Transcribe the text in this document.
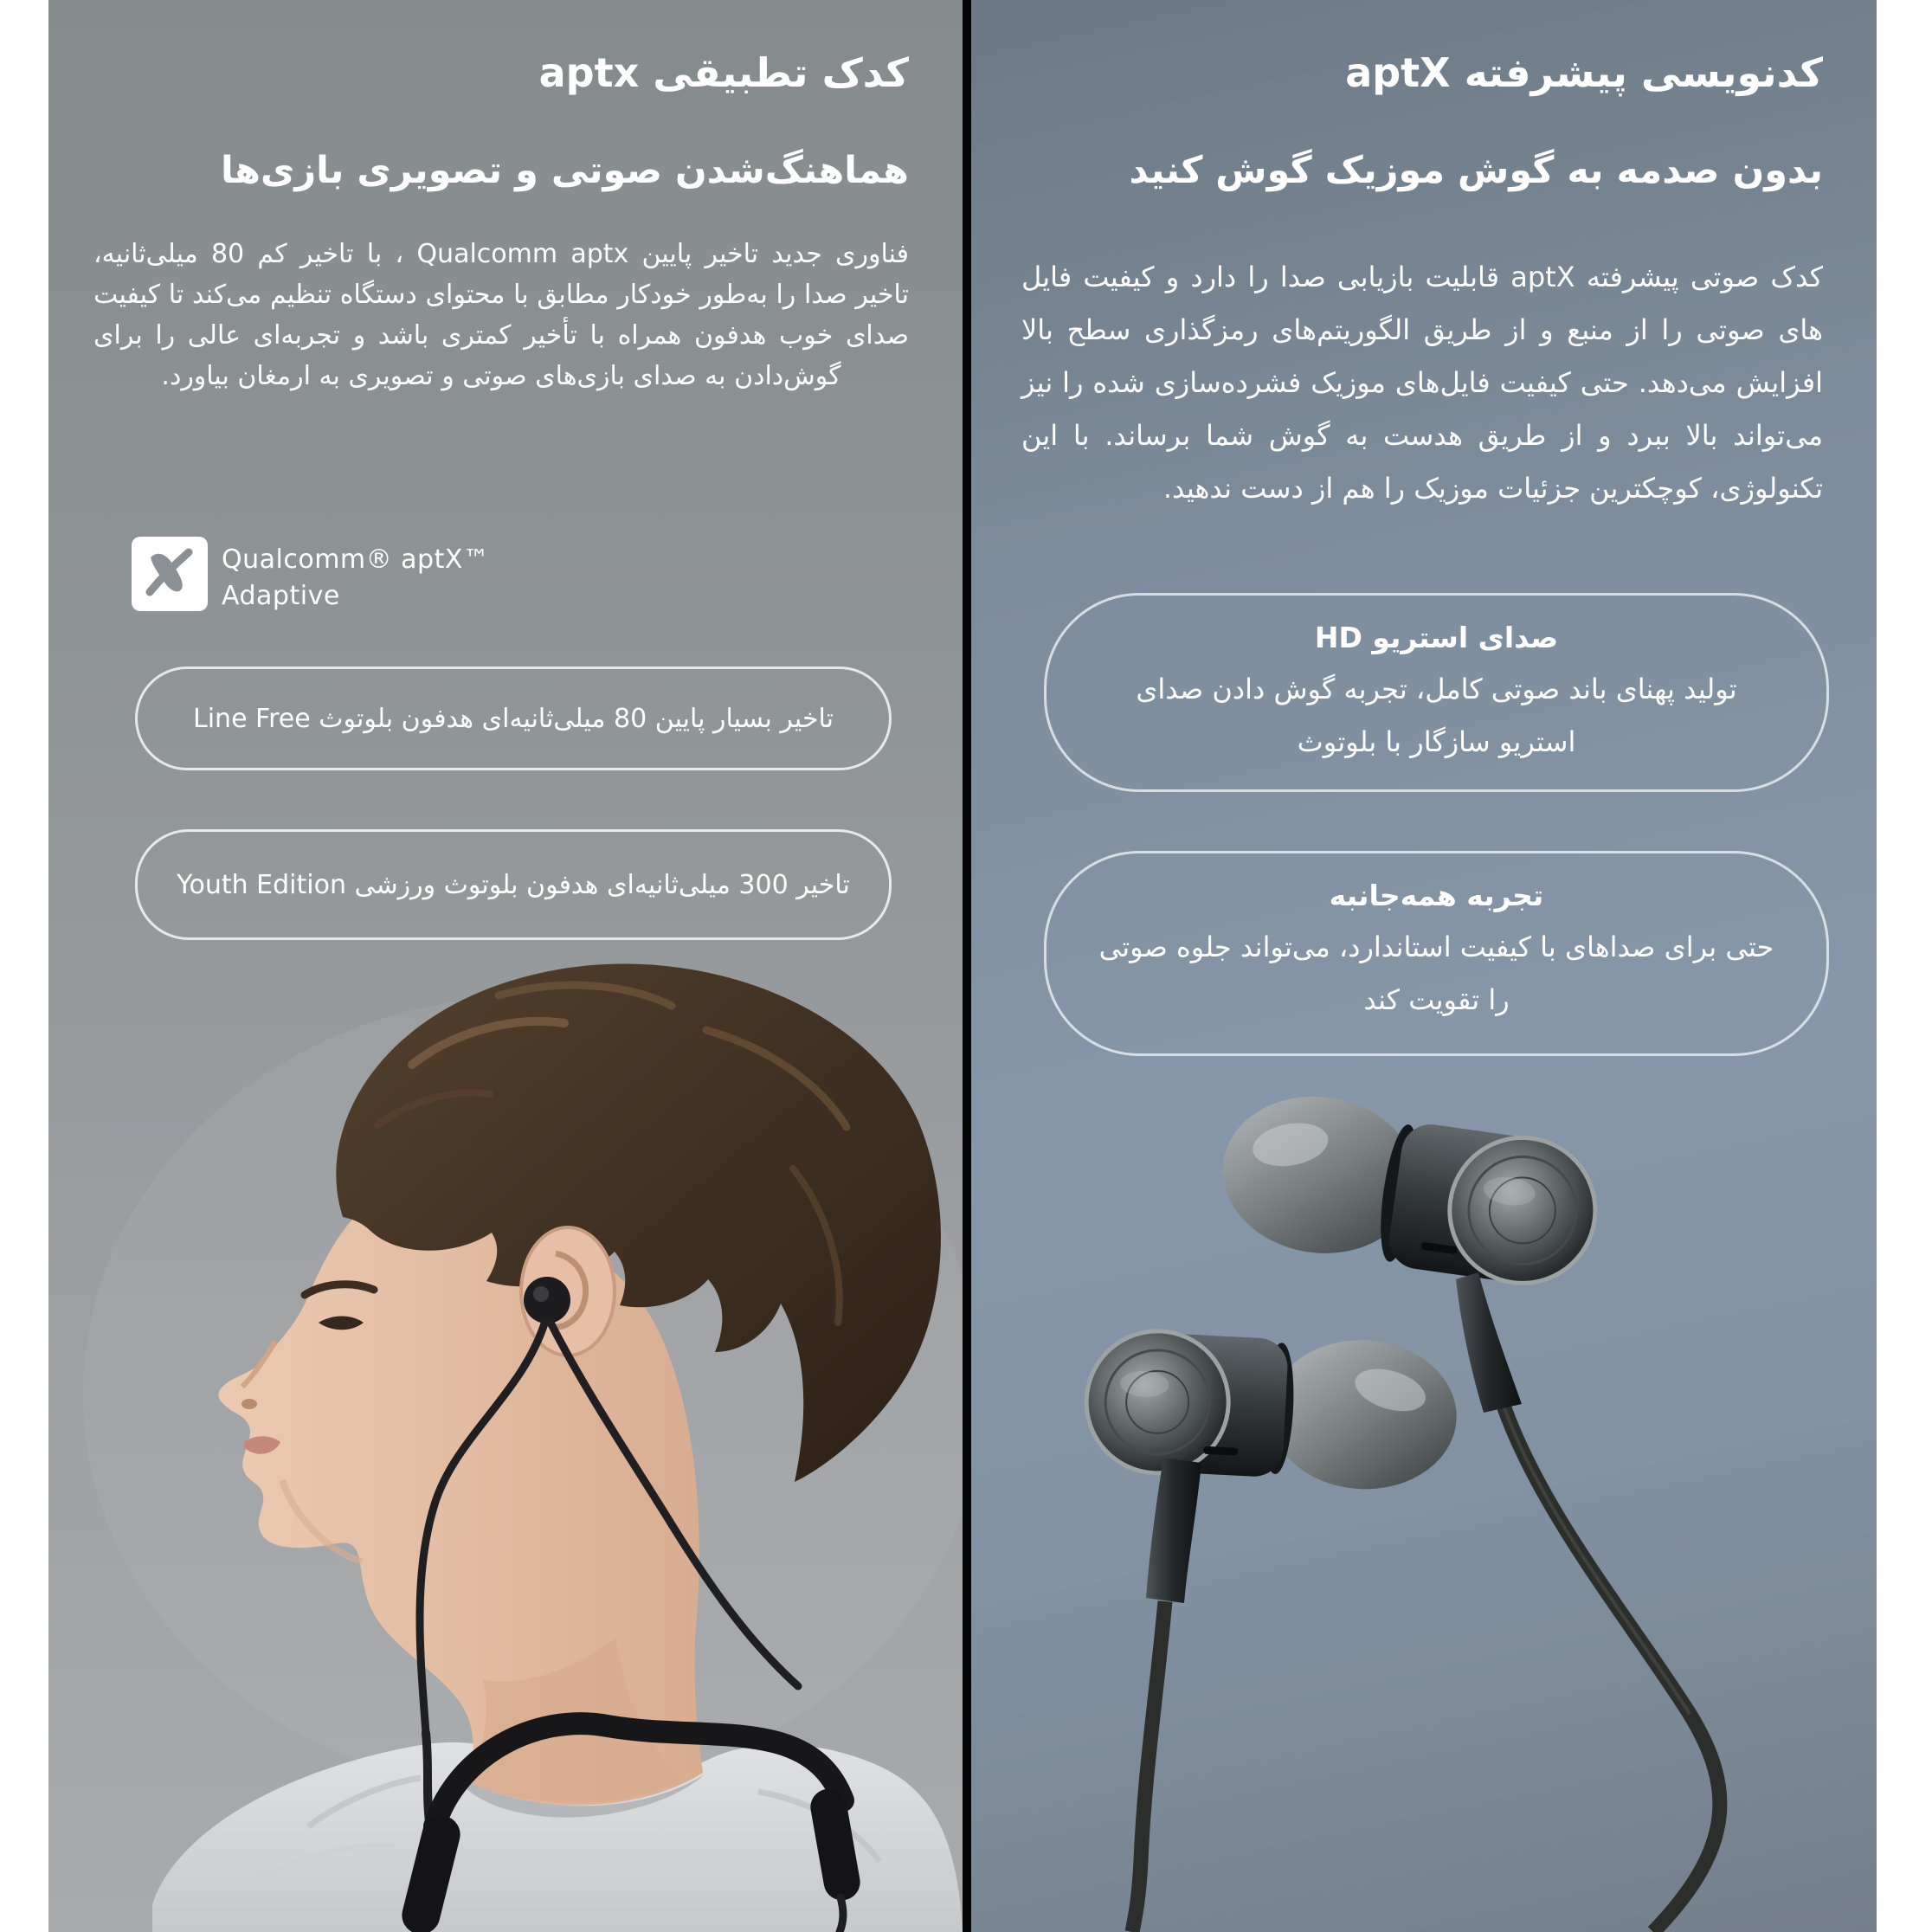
کدک تطبیقی aptx
هماهنگ‌شدن صوتی و تصویری بازی‌ها

فناوری جدید تاخیر پایین Qualcomm aptx ، با تاخیر کم 80 میلی‌ثانیه، تاخیر صدا را به‌طور خودکار مطابق با محتوای دستگاه تنظیم می‌کند تا کیفیت صدای خوب هدفون همراه با تأخیر کمتری باشد و تجربه‌ای عالی را برای گوش‌دادن به صدای بازی‌های صوتی و تصویری به ارمغان بیاورد.

Qualcomm® aptX™
Adaptive
تاخیر بسیار پایین 80 میلی‌ثانیه‌ای هدفون بلوتوث Line Free
تاخیر 300 میلی‌ثانیه‌ای هدفون بلوتوث ورزشی Youth Edition
کدنویسی پیشرفته aptX
بدون صدمه به گوش موزیک گوش کنید

کدک صوتی پیشرفته aptX قابلیت بازیابی صدا را دارد و کیفیت فایل های صوتی را از منبع و از طریق الگوریتم‌های رمزگذاری سطح بالا افزایش می‌دهد. حتی کیفیت فایل‌های موزیک فشرده‌سازی شده را نیز می‌تواند بالا ببرد و از طریق هدست به گوش شما برساند. با این تکنولوژی، کوچکترین جزئیات موزیک را هم از دست ندهید.

صدای استریو HD
تولید پهنای باند صوتی کامل، تجربه گوش دادن صدای استریو سازگار با بلوتوث
تجربه همه‌جانبه
حتی برای صداهای با کیفیت استاندارد، می‌تواند جلوه صوتی را تقویت کند
